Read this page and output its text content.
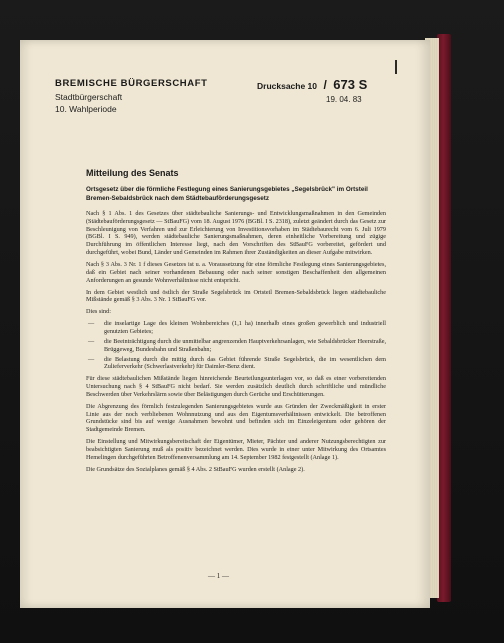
BREMISCHE BÜRGERSCHAFT
Stadtbürgerschaft
10. Wahlperiode
Drucksache 10 / 673 S
19. 04. 83
Mitteilung des Senats
Ortsgesetz über die förmliche Festlegung eines Sanierungsgebietes „Segelsbrück" im Ortsteil Bremen-Sebaldsbrück nach dem Städtebauförderungsgesetz

Nach § 1 Abs. 1 des Gesetzes über städtebauliche Sanierungs- und Entwicklungsmaßnahmen in den Gemeinden (Städtebauförderungsgesetz — StBauFG) vom 18. August 1976 (BGBl. I S. 2318), zuletzt geändert durch das Gesetz zur Beschleunigung von Verfahren und zur Erleichterung von Investitionsvorhaben im Städtebaurecht vom 6. Juli 1979 (BGBl. I S. 949), werden städtebauliche Sanierungsmaßnahmen, deren einheitliche Vorbereitung und zügige Durchführung im öffentlichen Interesse liegt, nach den Vorschriften des StBauFG vorbereitet, gefördert und durchgeführt, wobei Bund, Länder und Gemeinden im Rahmen ihrer Zuständigkeiten an dieser Aufgabe mitwirken.

Nach § 3 Abs. 3 Nr. 1 f dieses Gesetzes ist u. a. Voraussetzung für eine förmliche Festlegung eines Sanierungsgebietes, daß ein Gebiet nach seiner vorhandenen Bebauung oder nach seiner sonstigen Beschaffenheit den allgemeinen Anforderungen an gesunde Wohnverhältnisse nicht entspricht.

In dem Gebiet westlich und östlich der Straße Segelsbrück im Ortsteil Bremen-Sebaldsbrück liegen städtebauliche Mißstände gemäß § 3 Abs. 3 Nr. 1 StBauFG vor.

Dies sind:

— die inselartige Lage des kleinen Wohnbereiches (1,1 ha) innerhalb eines großen gewerblich und industriell genutzten Gebietes;
— die Beeinträchtigung durch die unmittelbar angrenzenden Hauptverkehrsanlagen, wie Sebaldsbrücker Heerstraße, Brüggeweg, Bundesbahn und Straßenbahn;
— die Belastung durch die mittig durch das Gebiet führende Straße Segelsbrück, die im wesentlichen dem Zulieferverkehr (Schwerlastverkehr) für Daimler-Benz dient.

Für diese städtebaulichen Mißstände liegen hinreichende Beurteilungsunterlagen vor, so daß es einer vorbereitenden Untersuchung nach § 4 StBauFG nicht bedarf. Sie werden zusätzlich deutlich durch schriftliche und mündliche Beschwerden über Verkehrslärm sowie über Belästigungen durch Gerüche und Erschütterungen.

Die Abgrenzung des förmlich festzulegenden Sanierungsgebietes wurde aus Gründen der Zweckmäßigkeit in erster Linie aus der noch verbliebenen Wohnnutzung und aus den Eigentumsverhältnissen entwickelt. Die betroffenen Grundstücke sind bis auf wenige Ausnahmen bewohnt und befinden sich im Einzeleigentum oder gehören der Stadtgemeinde Bremen.

Die Einstellung und Mitwirkungsbereitschaft der Eigentümer, Mieter, Pächter und anderer Nutzungsberechtigten zur beabsichtigten Sanierung muß als positiv bezeichnet werden. Dies wurde in einer unter Mitwirkung des Ortsamtes Hemelingen durchgeführten Betroffenenversammlung am 14. September 1982 festgestellt (Anlage 1).

Die Grundsätze des Sozialplanes gemäß § 4 Abs. 2 StBauFG wurden erstellt (Anlage 2).

— 1 —
